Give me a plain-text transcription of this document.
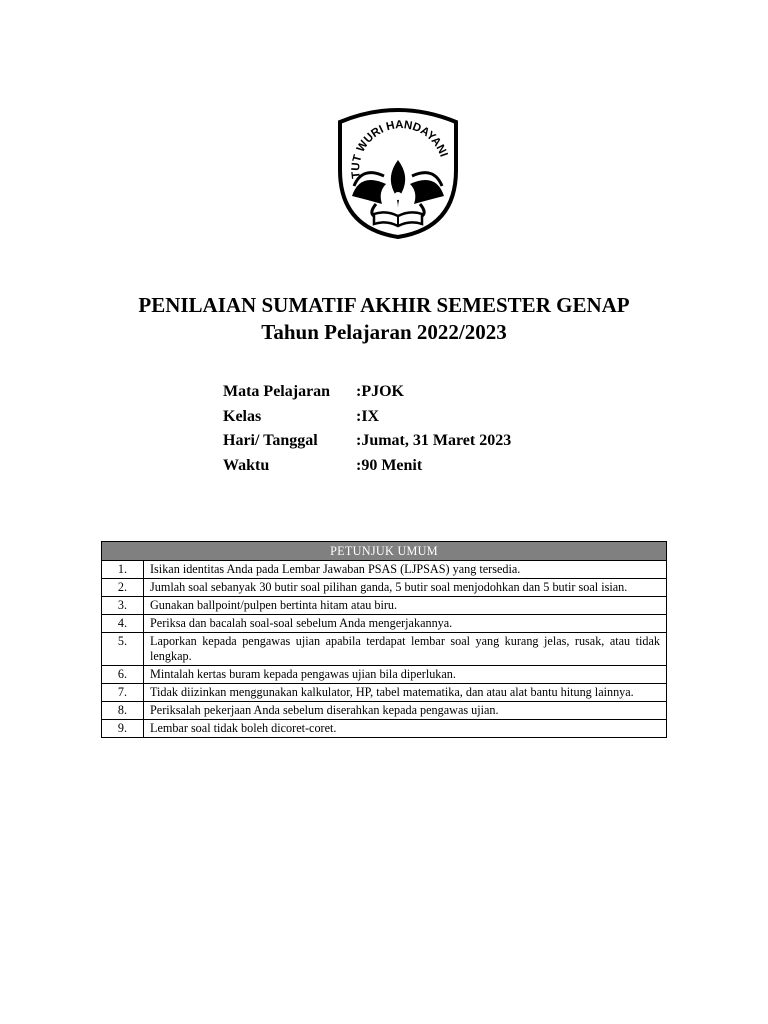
TUT WURI HANDAYANI
PENILAIAN SUMATIF AKHIR SEMESTER GENAP
Tahun Pelajaran 2022/2023
Mata Pelajaran	: PJOK
Kelas	: IX
Hari/ Tanggal	: Jumat, 31 Maret 2023
Waktu	: 90 Menit
PETUNJUK UMUM	
1.	Isikan identitas Anda pada Lembar Jawaban PSAS (LJPSAS) yang tersedia.
2.	Jumlah soal sebanyak 30 butir soal pilihan ganda, 5 butir soal menjodohkan dan 5 butir soal isian.
3.	Gunakan ballpoint/pulpen bertinta hitam atau biru.
4.	Periksa dan bacalah soal-soal sebelum Anda mengerjakannya.
5.	Laporkan kepada pengawas ujian apabila terdapat lembar soal yang kurang jelas, rusak, atau tidak lengkap.
6.	Mintalah kertas buram kepada pengawas ujian bila diperlukan.
7.	Tidak diizinkan menggunakan kalkulator, HP, tabel matematika, dan atau alat bantu hitung lainnya.
8.	Periksalah pekerjaan Anda sebelum diserahkan kepada pengawas ujian.
9.	Lembar soal tidak boleh dicoret-coret.
